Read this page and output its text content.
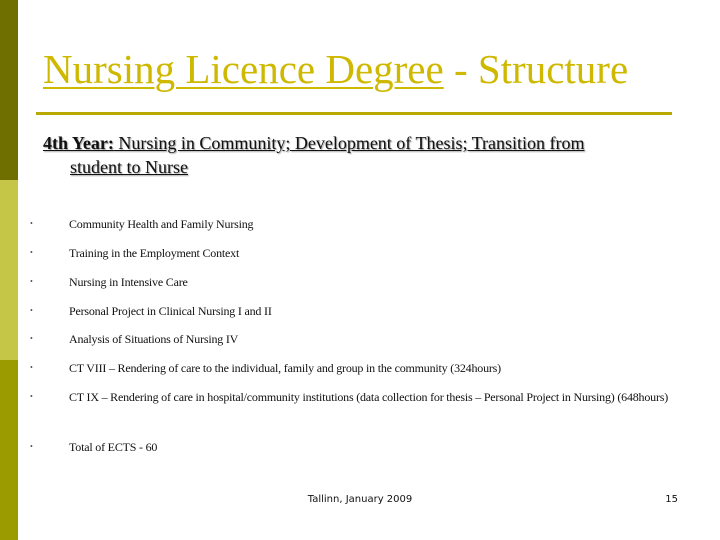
Nursing Licence Degree - Structure
4th Year: Nursing in Community; Development of Thesis; Transition from
student to Nurse
•	Community Health and Family Nursing
•	Training in the Employment Context
•	Nursing in Intensive Care
•	Personal Project in Clinical Nursing I and II
•	Analysis of Situations of Nursing IV
•	CT VIII – Rendering of care to the individual, family and group in the community (324hours)
•	CT IX – Rendering of care in hospital/community institutions (data collection for thesis – Personal Project in Nursing) (648hours)
•	Total of ECTS - 60
Tallinn, January 2009	15
